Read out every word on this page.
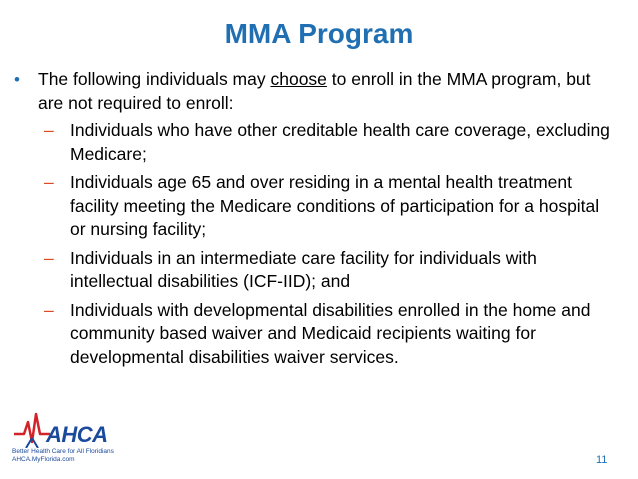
MMA Program
• The following individuals may choose to enroll in the MMA program, but are not required to enroll:
– Individuals who have other creditable health care coverage, excluding Medicare;
– Individuals age 65 and over residing in a mental health treatment facility meeting the Medicare conditions of participation for a hospital or nursing facility;
– Individuals in an intermediate care facility for individuals with intellectual disabilities (ICF-IID); and
– Individuals with developmental disabilities enrolled in the home and community based waiver and Medicaid recipients waiting for developmental disabilities waiver services.
AHCA
Better Health Care for All Floridians
AHCA.MyFlorida.com	11
